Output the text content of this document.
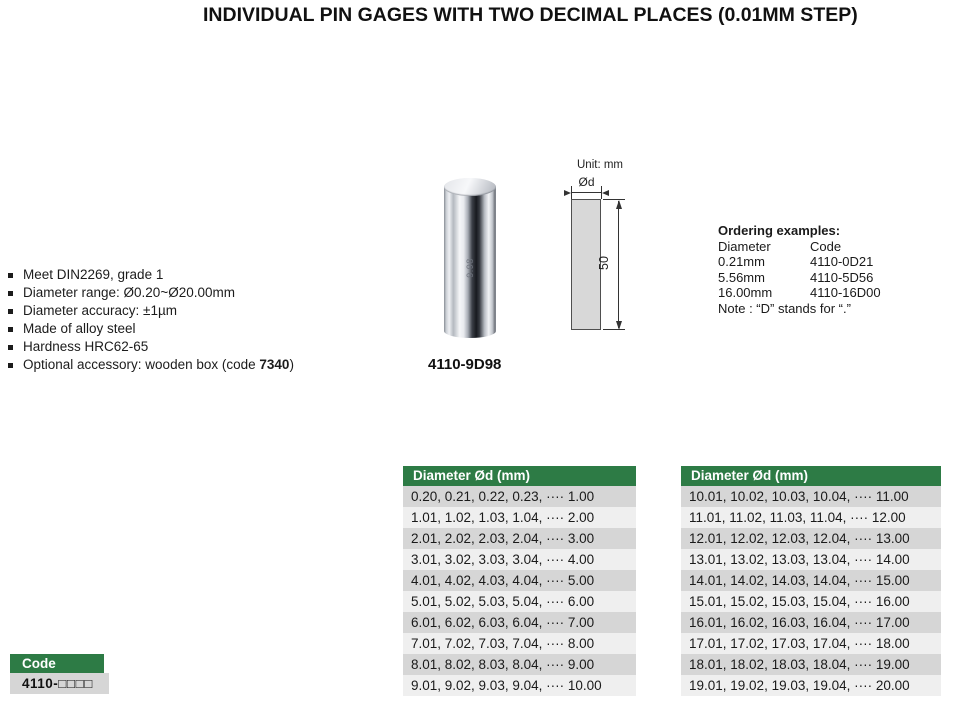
INDIVIDUAL PIN GAGES WITH TWO DECIMAL PLACES (0.01MM STEP)
Meet DIN2269, grade 1
Diameter range: Ø0.20~Ø20.00mm
Diameter accuracy: ±1µm
Made of alloy steel
Hardness HRC62-65
Optional accessory: wooden box (code 7340)
9.98
4110-9D98
Unit: mm
Ød
50
Ordering examples:
Diameter	Code
0.21mm	4110-0D21
5.56mm	4110-5D56
16.00mm	4110-16D00
Note : “D” stands for “.”
Diameter Ød (mm)
0.20, 0.21, 0.22, 0.23, ···· 1.00
1.01, 1.02, 1.03, 1.04, ···· 2.00
2.01, 2.02, 2.03, 2.04, ···· 3.00
3.01, 3.02, 3.03, 3.04, ···· 4.00
4.01, 4.02, 4.03, 4.04, ···· 5.00
5.01, 5.02, 5.03, 5.04, ···· 6.00
6.01, 6.02, 6.03, 6.04, ···· 7.00
7.01, 7.02, 7.03, 7.04, ···· 8.00
8.01, 8.02, 8.03, 8.04, ···· 9.00
9.01, 9.02, 9.03, 9.04, ···· 10.00
Diameter Ød (mm)
10.01, 10.02, 10.03, 10.04, ···· 11.00
11.01, 11.02, 11.03, 11.04, ···· 12.00
12.01, 12.02, 12.03, 12.04, ···· 13.00
13.01, 13.02, 13.03, 13.04, ···· 14.00
14.01, 14.02, 14.03, 14.04, ···· 15.00
15.01, 15.02, 15.03, 15.04, ···· 16.00
16.01, 16.02, 16.03, 16.04, ···· 17.00
17.01, 17.02, 17.03, 17.04, ···· 18.00
18.01, 18.02, 18.03, 18.04, ···· 19.00
19.01, 19.02, 19.03, 19.04, ···· 20.00
Code
4110-□□□□
